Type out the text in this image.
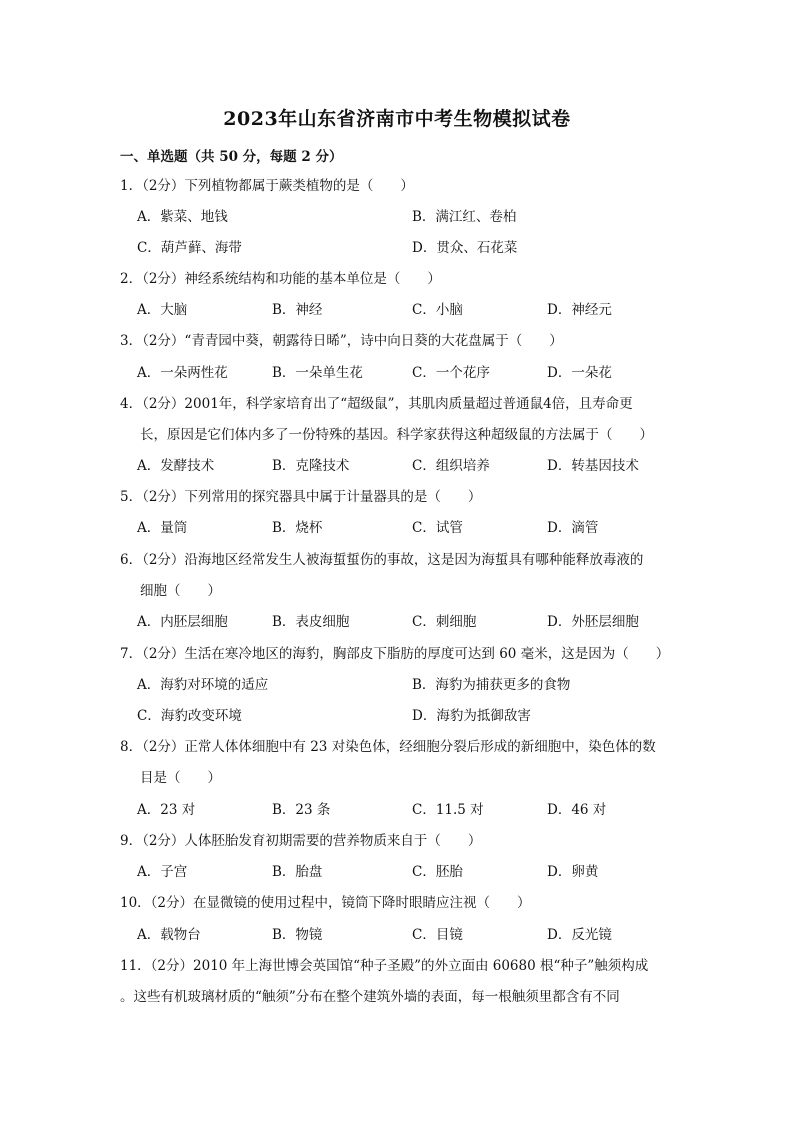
2023年山东省济南市中考生物模拟试卷
一、单选题（共 50 分，每题 2 分）
1．（2分）下列植物都属于蕨类植物的是（　　）
A．紫菜、地钱	B．满江红、卷柏
C．葫芦藓、海带	D．贯众、石花菜
2．（2分）神经系统结构和功能的基本单位是（　　）
A．大脑	B．神经	C．小脑	D．神经元
3．（2分）“青青园中葵，朝露待日晞”，诗中向日葵的大花盘属于（　　）
A．一朵两性花	B．一朵单生花	C．一个花序	D．一朵花
4．（2分）2001年，科学家培育出了“超级鼠”，其肌肉质量超过普通鼠4倍，且寿命更
长，原因是它们体内多了一份特殊的基因。科学家获得这种超级鼠的方法属于（　　）
A．发酵技术	B．克隆技术	C．组织培养	D．转基因技术
5．（2分）下列常用的探究器具中属于计量器具的是（　　）
A．量筒	B．烧杯	C．试管	D．滴管
6．（2分）沿海地区经常发生人被海蜇蜇伤的事故，这是因为海蜇具有哪种能释放毒液的
细胞（　　）
A．内胚层细胞	B．表皮细胞	C．刺细胞	D．外胚层细胞
7．（2分）生活在寒冷地区的海豹，胸部皮下脂肪的厚度可达到 60 毫米，这是因为（　　）
A．海豹对环境的适应	B．海豹为捕获更多的食物
C．海豹改变环境	D．海豹为抵御敌害
8．（2分）正常人体体细胞中有 23 对染色体，经细胞分裂后形成的新细胞中，染色体的数
目是（　　）
A．23 对	B．23 条	C．11.5 对	D．46 对
9．（2分）人体胚胎发育初期需要的营养物质来自于（　　）
A．子宫	B．胎盘	C．胚胎	D．卵黄
10．（2分）在显微镜的使用过程中，镜筒下降时眼睛应注视（　　）
A．载物台	B．物镜	C．目镜	D．反光镜
11．（2分）2010 年上海世博会英国馆“种子圣殿”的外立面由 60680 根“种子”触须构成
。这些有机玻璃材质的“触须”分布在整个建筑外墙的表面，每一根触须里都含有不同
